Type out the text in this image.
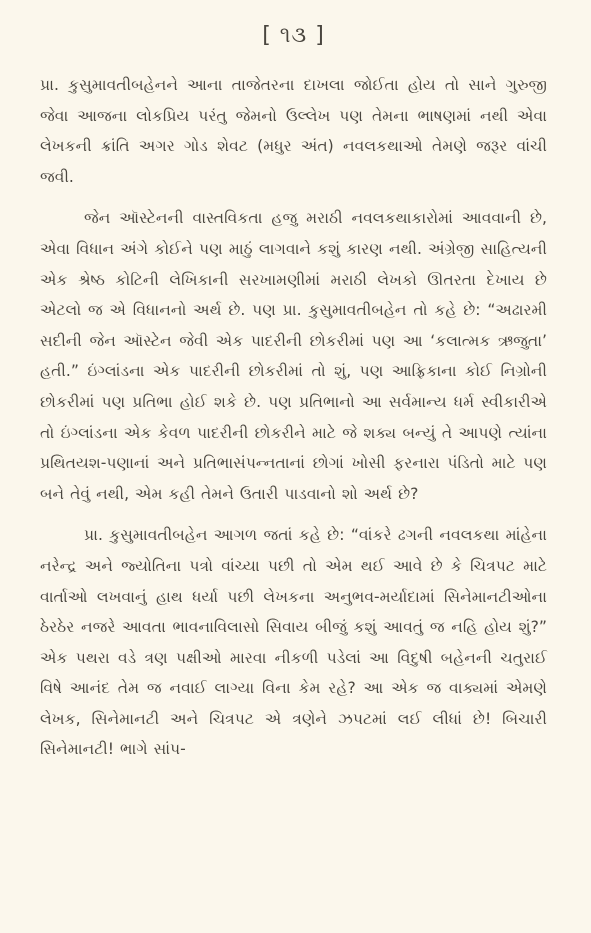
[ ૧૩ ]

પ્રા. કુસુમાવતીબહેનને આના તાજેતરના દાખલા જોઈતા હોય તો સાને ગુરુજી જેવા આજના લોકપ્રિય પરંતુ જેમનો ઉલ્લેખ પણ તેમના ભાષણમાં નથી એવા લેખકની ક્રાંતિ અગર ગોડ શેવટ (મધુર અંત) નવલકથાઓ તેમણે જરૂર વાંચી જવી.

જેન ઑસ્ટેનની વાસ્તવિકતા હજુ મરાઠી નવલકથાકારોમાં આવવાની છે, એવા વિધાન અંગે કોઈને પણ માઠું લાગવાને કશું કારણ નથી. અંગ્રેજી સાહિત્યની એક શ્રેષ્ઠ કોટિની લેખિકાની સરખામણીમાં મરાઠી લેખકો ઊતરતા દેખાય છે એટલો જ એ વિધાનનો અર્થ છે. પણ પ્રા. કુસુમાવતીબહેન તો કહે છે: “અઢારમી સદીની જેન ઑસ્ટેન જેવી એક પાદરીની છોકરીમાં પણ આ ‘કલાત્મક ઋજુતા’ હતી.” ઇંગ્લાંડના એક પાદરીની છોકરીમાં તો શું, પણ આફ્રિકાના કોઈ નિગ્રોની છોકરીમાં પણ પ્રતિભા હોઈ શકે છે. પણ પ્રતિભાનો આ સર્વમાન્ય ધર્મ સ્વીકારીએ તો ઇંગ્લાંડના એક કેવળ પાદરીની છોકરીને માટે જે શક્ય બન્યું તે આપણે ત્યાંના પ્રથિતયશ-પણાનાં અને પ્રતિભાસંપન્નતાનાં છોગાં ખોસી ફરનારા પંડિતો માટે પણ બને તેવું નથી, એમ કહી તેમને ઉતારી પાડવાનો શો અર્થ છે?

પ્રા. કુસુમાવતીબહેન આગળ જતાં કહે છે: “વાંકરે ઢગની નવલકથા માંહેના નરેન્દ્ર અને જ્યોતિના પત્રો વાંચ્યા પછી તો એમ થઈ આવે છે કે ચિત્રપટ માટે વાર્તાઓ લખવાનું હાથ ધર્યા પછી લેખકના અનુભવ-મર્યાદામાં સિનેમાનટીઓના ઠેરઠેર નજરે આવતા ભાવનાવિલાસો સિવાય બીજું કશું આવતું જ નહિ હોય શું?” એક પથરા વડે ત્રણ પક્ષીઓ મારવા નીકળી પડેલાં આ વિદુષી બહેનની ચતુરાઈ વિષે આનંદ તેમ જ નવાઈ લાગ્યા વિના કેમ રહે? આ એક જ વાક્યમાં એમણે લેખક, સિનેમાનટી અને ચિત્રપટ એ ત્રણેને ઝપટમાં લઈ લીધાં છે! બિચારી સિનેમાનટી! ભાગે સાંપ-
